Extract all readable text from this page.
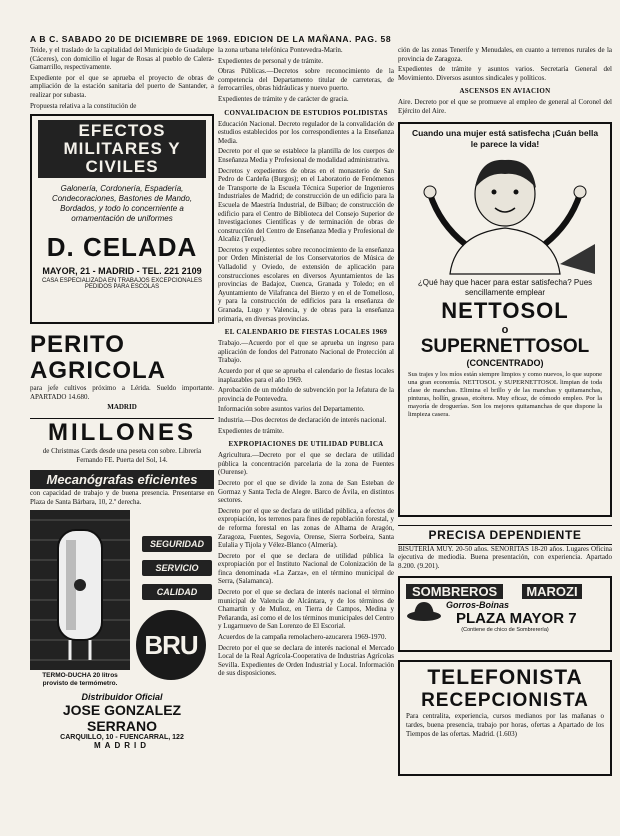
A B C. SABADO 20 DE DICIEMBRE DE 1969. EDICION DE LA MAÑANA. PAG. 58

Teide, y el traslado de la capitalidad del Municipio de Guadalupe (Cáceres), con domicilio el lugar de Rosas al pueblo de Calera-Gamarrillo, respectivamente.

Expediente por el que se aprueba el proyecto de obras de ampliación de la estación sanitaria del puerto de Santander, a realizar por subasta.

Propuesta relativa a la constitución de

EFECTOS MILITARES Y CIVILES
Galonería, Cordonería, Espadería, Condecoraciones, Bastones de Mando, Bordados, y todo lo concerniente a ornamentación de uniformes
D. CELADA
MAYOR, 21 - MADRID - TEL. 221 2109
CASA ESPECIALIZADA EN TRABAJOS EXCEPCIONALES PEDIDOS PARA ESCOLAS
PERITO AGRICOLA

para jefe cultivos próximo a Lérida. Sueldo importante. APARTADO 14.680.

MADRID

MILLONES

de Christmas Cards desde una peseta con sobre. Librería Fernando FE. Puerta del Sol, 14.

Mecanógrafas eficientes

con capacidad de trabajo y de buena presencia. Presentarse en Plaza de Santa Bárbara, 10, 2.º derecha.

SEGURIDAD
SERVICIO
CALIDAD
BRU
TERMO-DUCHA 20 litros provisto de termómetro.
Distribuidor Oficial
JOSE GONZALEZ SERRANO
CARQUILLO, 10 - FUENCARRAL, 122
MADRID

la zona urbana telefónica Pontevedra-Marín.

Expedientes de personal y de trámite.

Obras Públicas.—Decretos sobre reconocimiento de la competencia del Departamento titular de carreteras, de ferrocarriles, obras hidráulicas y nuevo puerto.

Expedientes de trámite y de carácter de gracia.

CONVALIDACION DE ESTUDIOS POLIDISTAS

Educación Nacional. Decreto regulador de la convalidación de estudios establecidos por los correspondientes a la Enseñanza Media.

Decreto por el que se establece la plantilla de los cuerpos de Enseñanza Media y Profesional de modalidad administrativa.

Decretos y expedientes de obras en el monasterio de San Pedro de Cardeña (Burgos); en el Laboratorio de Fenómenos de Transporte de la Escuela Técnica Superior de Ingenieros Industriales de Madrid; de construcción de un edificio para la Escuela de Maestría Industrial, de Bilbao; de construcción de edificio para el Centro de Biblioteca del Consejo Superior de Investigaciones Científicas y de terminación de obras de construcción del Centro de Enseñanza Media y Profesional de Alcañiz (Teruel).

Decretos y expedientes sobre reconocimiento de la enseñanza por Orden Ministerial de los Conservatorios de Música de Valladolid y Oviedo, de extensión de aplicación para construcciones escolares en diversos Ayuntamientos de las provincias de Badajoz, Cuenca, Granada y Toledo; en el Ayuntamiento de Vilafranca del Bierzo y en el de Tomelloso, y para la construcción de edificios para la enseñanza de Granada, Lugo y Valencia, y de obras para la enseñanza primaria, en diversas provincias.

EL CALENDARIO DE FIESTAS LOCALES 1969

Trabajo.—Acuerdo por el que se aprueba un ingreso para aplicación de fondos del Patronato Nacional de Protección al Trabajo.

Acuerdo por el que se aprueba el calendario de fiestas locales inaplazables para el año 1969.

Aprobación de un módulo de subvención por la Jefatura de la provincia de Pontevedra.

Información sobre asuntos varios del Departamento.

Industria.—Dos decretos de declaración de interés nacional.

Expedientes de trámite.

EXPROPIACIONES DE UTILIDAD PUBLICA

Agricultura.—Decreto por el que se declara de utilidad pública la concentración parcelaria de la zona de Fuentes (Ourense).

Decreto por el que se divide la zona de San Esteban de Gormaz y Santa Tecla de Alegre. Barco de Ávila, en distintos sectores.

Decreto por el que se declara de utilidad pública, a efectos de expropiación, los terrenos para fines de repoblación forestal, y de reforma forestal en las zonas de Alhama de Aragón, Zaragoza, Fuentes, Segovia, Orense, Sierra Sorbeira, Santa Eulalia y Tijola y Vélez-Blanco (Almería).

Decreto por el que se declara de utilidad pública la expropiación por el Instituto Nacional de Colonización de la finca denominada «La Zarza», en el término municipal de Serra, (Salamanca).

Decreto por el que se declara de interés nacional el término municipal de Valencia de Alcántara, y de los términos de Chamartín y de Muñoz, en Tierra de Campos, Medina y Peñaranda, así como el de los términos municipales del Centro y Lugarnuevo de San Lorenzo de El Escorial.

Acuerdos de la campaña remolachero-azucarera 1969-1970.

Decreto por el que se declara de interés nacional el Mercado Local de la Real Agrícola-Cooperativa de Industrias Agrícolas Sevilla. Expedientes de Orden Industrial y Local. Información de sus disposiciones.

ción de las zonas Tenerife y Menudales, en cuanto a terrenos rurales de la provincia de Zaragoza.

Expedientes de trámite y asuntos varios. Secretaría General del Movimiento. Diversos asuntos sindicales y políticos.

ASCENSOS EN AVIACION

Aire. Decreto por el que se promueve al empleo de general al Coronel del Ejército del Aire.

Cuando una mujer está satisfecha ¡Cuán bella le parece la vida!
¿Qué hay que hacer para estar satisfecha? Pues sencillamente emplear
NETTOSOL
o
SUPERNETTOSOL
(CONCENTRADO)
Sus trajes y los míos están siempre limpios y como nuevos, lo que supone una gran economía. NETTOSOL y SUPERNETTOSOL limpian de toda clase de manchas. Elimina el brillo y de las manchas y quitamanchas, pinturas, hollín, grasas, etcétera. Muy eficaz, de cómodo empleo. Por la mayoría de droguerías. Son los mejores quitamanchas de que dispone la limpieza casera.
PRECISA DEPENDIENTE

BISUTERÍA MUY. 20-50 años. SENORITAS 18-20 años. Lugares Oficina ejecutiva de mediodía. Buena presentación, con experiencia. Apartado 8.200. (9.201).

SOMBREROS MAROZI
Gorros-Boinas
PLAZA MAYOR 7
(Contiene de chico de Sombrerería)
TELEFONISTA
RECEPCIONISTA

Para centralita, experiencia, cursos medianos por las mañanas o tardes, buena presencia, trabajo por horas, ofertas a Apartado de los Tiempos de las ofertas. Madrid. (1.603)
